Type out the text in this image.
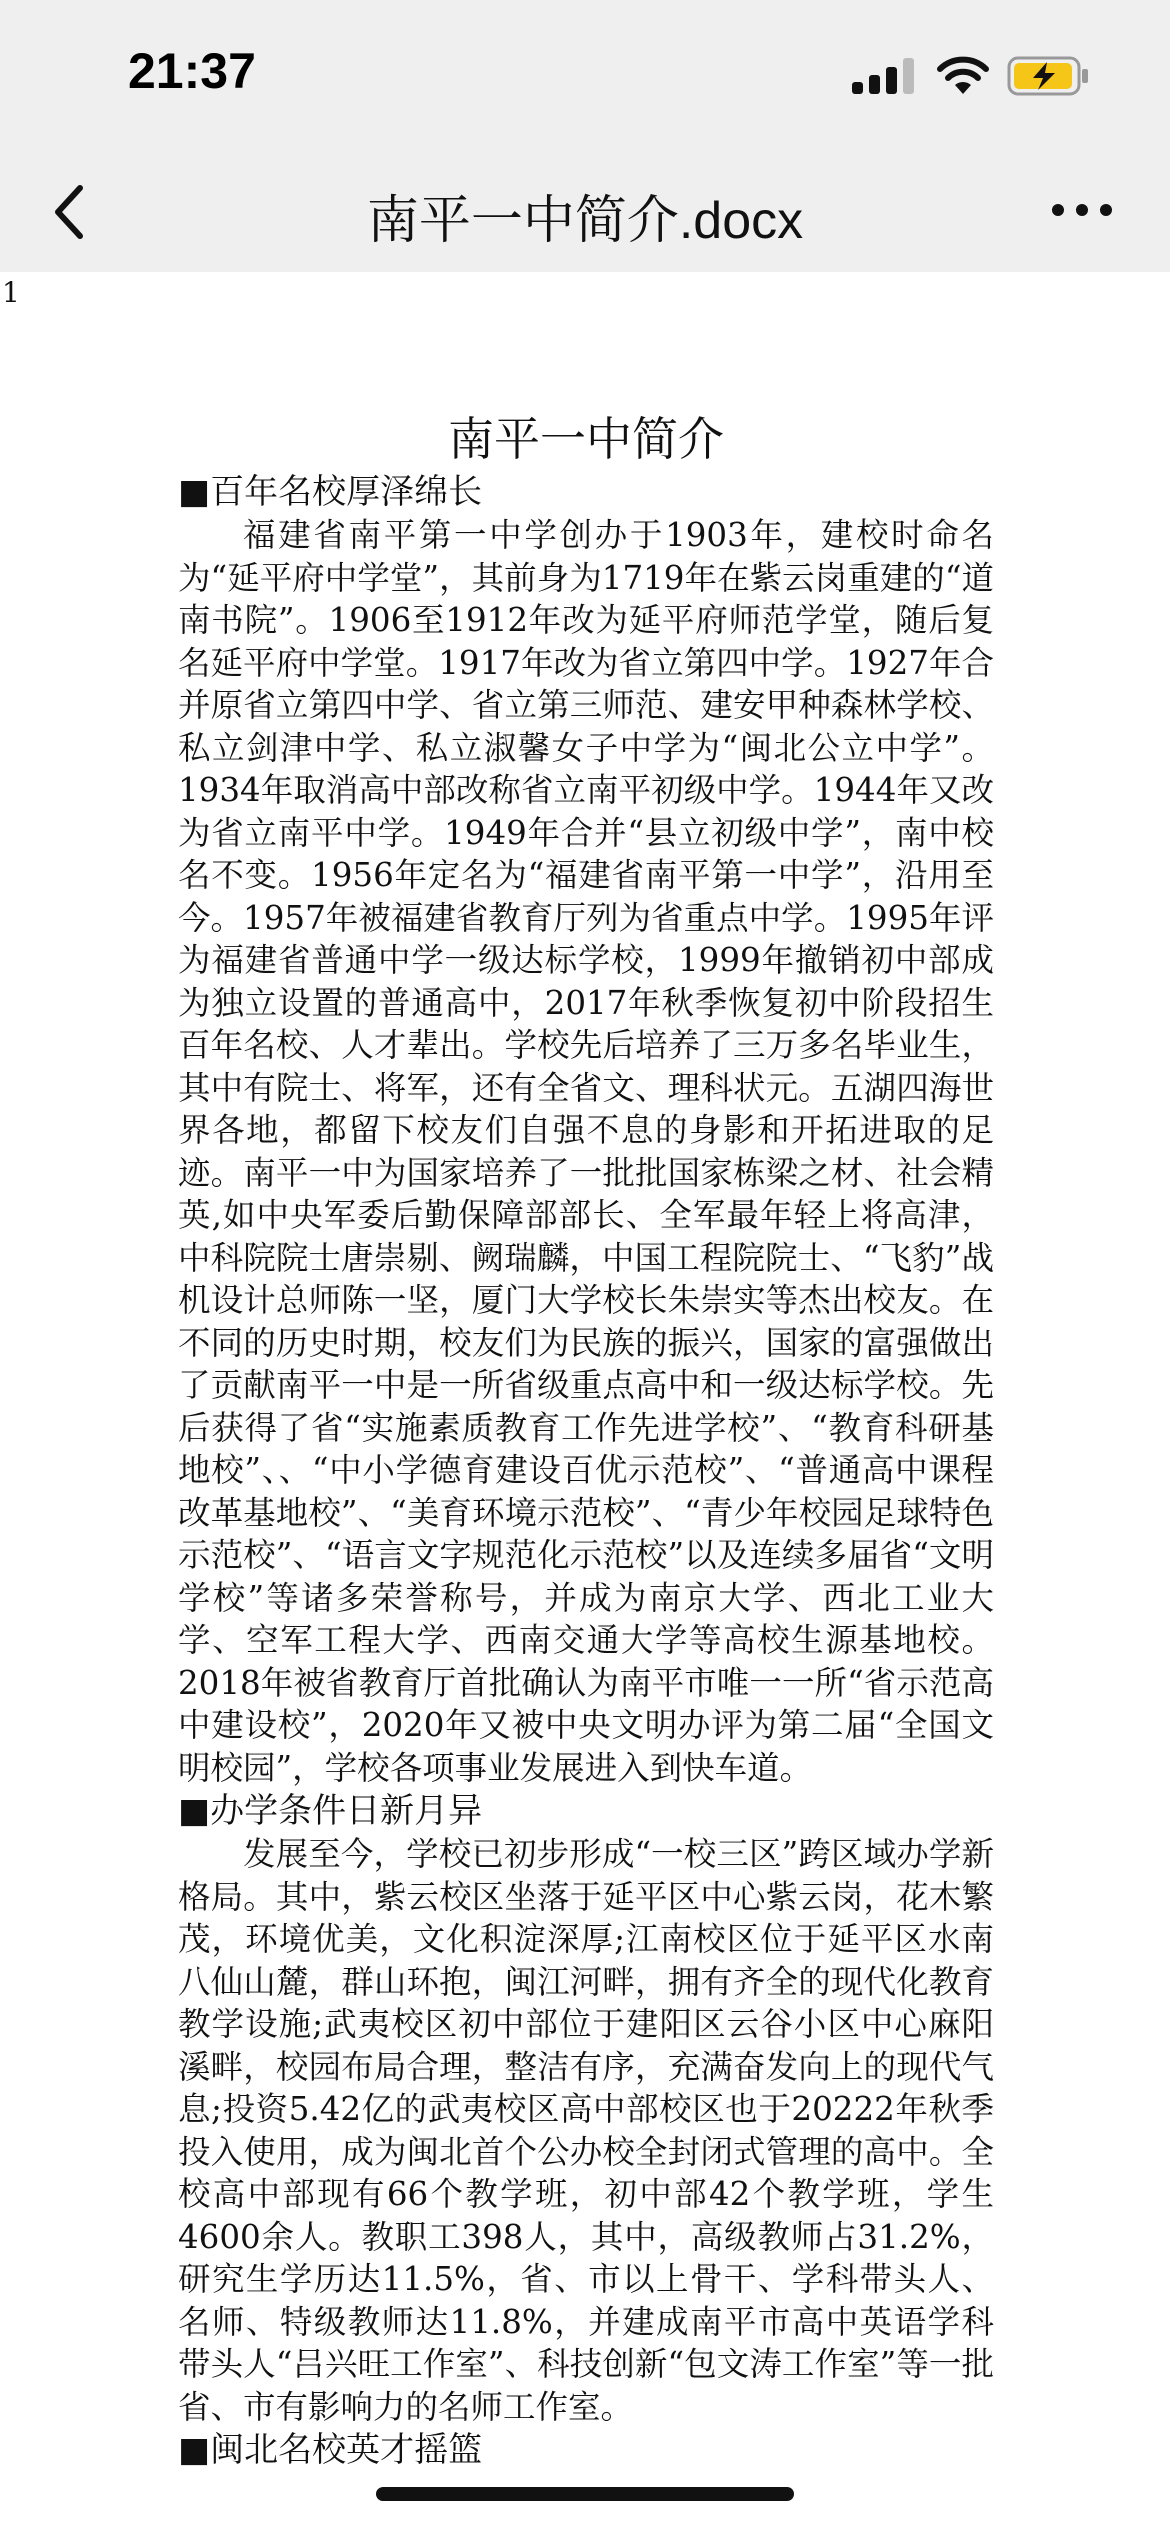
21:37
南平一中简介.docx
1
南平一中简介
■百年名校厚泽绵长

福建省南平第一中学创办于1903年，建校时命名为“延平府中学堂”，其前身为1719年在紫云岗重建的“道南书院”。1906至1912年改为延平府师范学堂，随后复名延平府中学堂。1917年改为省立第四中学。1927年合并原省立第四中学、省立第三师范、建安甲种森林学校、私立剑津中学、私立淑馨女子中学为“闽北公立中学”。1934年取消高中部改称省立南平初级中学。1944年又改为省立南平中学。1949年合并“县立初级中学”，南中校名不变。1956年定名为“福建省南平第一中学”，沿用至今。1957年被福建省教育厅列为省重点中学。1995年评为福建省普通中学一级达标学校，1999年撤销初中部成为独立设置的普通高中，2017年秋季恢复初中阶段招生百年名校、人才辈出。学校先后培养了三万多名毕业生，其中有院士、将军，还有全省文、理科状元。五湖四海世界各地，都留下校友们自强不息的身影和开拓进取的足迹。南平一中为国家培养了一批批国家栋梁之材、社会精英,如中央军委后勤保障部部长、全军最年轻上将高津，中科院院士唐崇剔、阙瑞麟，中国工程院院士、“飞豹”战机设计总师陈一坚，厦门大学校长朱崇实等杰出校友。在不同的历史时期，校友们为民族的振兴，国家的富强做出了贡献南平一中是一所省级重点高中和一级达标学校。先后获得了省“实施素质教育工作先进学校”、“教育科研基地校”、、“中小学德育建设百优示范校”、“普通高中课程改革基地校”、“美育环境示范校”、“青少年校园足球特色示范校”、“语言文字规范化示范校”以及连续多届省“文明学校”等诸多荣誉称号，并成为南京大学、西北工业大学、空军工程大学、西南交通大学等高校生源基地校。2018年被省教育厅首批确认为南平市唯一一所“省示范高中建设校”，2020年又被中央文明办评为第二届“全国文明校园”，学校各项事业发展进入到快车道。

■办学条件日新月异

发展至今，学校已初步形成“一校三区”跨区域办学新格局。其中，紫云校区坐落于延平区中心紫云岗，花木繁茂，环境优美，文化积淀深厚;江南校区位于延平区水南八仙山麓，群山环抱，闽江河畔，拥有齐全的现代化教育教学设施;武夷校区初中部位于建阳区云谷小区中心麻阳溪畔，校园布局合理，整洁有序，充满奋发向上的现代气息;投资5.42亿的武夷校区高中部校区也于20222年秋季投入使用，成为闽北首个公办校全封闭式管理的高中。全校高中部现有66个教学班，初中部42个教学班，学生4600余人。教职工398人，其中，高级教师占31.2%，研究生学历达11.5%，省、市以上骨干、学科带头人、名师、特级教师达11.8%，并建成南平市高中英语学科带头人“吕兴旺工作室”、科技创新“包文涛工作室”等一批省、市有影响力的名师工作室。

■闽北名校英才摇篮
